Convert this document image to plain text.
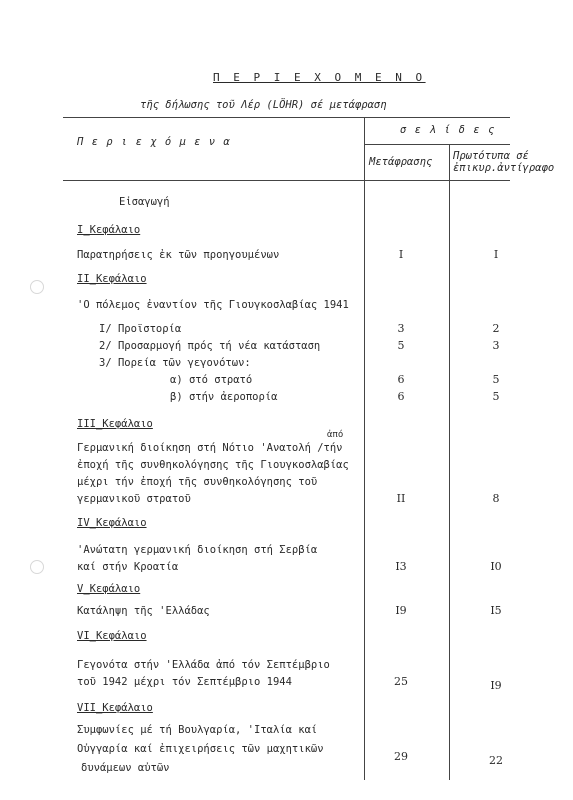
Π Ε Ρ Ι Ε Χ Ο Μ Ε Ν Ο
τῆς δήλωσης τοῦ Λέρ (LÖHR) σέ μετάφραση
Π ε ρ ι ε χ ό μ ε ν α
σ ε λ ί δ ε ς
Μετάφρασης Πρωτότυπα σέ
ἐπικυρ.ἀντίγραφο
Εἰσαγωγή
I_Κεφάλαιο
Παρατηρήσεις ἐκ τῶν προηγουμένων	I	I
II_Κεφάλαιο
'Ο πόλεμος ἐναντίον τῆς Γιουγκοσλαβίας 1941
I/ Προϊστορία	3	2
2/ Προσαρμογή πρός τή νέα κατάσταση	5	3
3/ Πορεία τῶν γεγονότων:
α) στό στρατό	6	5
β) στήν ἀεροπορία	6	5
III_Κεφάλαιο
ἀπό
Γερμανική διοίκηση στή Νότιο 'Ανατολή /τήν
ἐποχή τῆς συνθηκολόγησης τῆς Γιουγκοσλαβίας
μέχρι τήν ἐποχή τῆς συνθηκολόγησης τοῦ
γερμανικοῦ στρατοῦ	II	8
IV_Κεφάλαιο
'Ανώτατη γερμανική διοίκηση στή Σερβία
καί στήν Κροατία	I3	I0
V_Κεφάλαιο
Κατάληψη τῆς 'Ελλάδας	I9	I5
VI_Κεφάλαιο
Γεγονότα στήν 'Ελλάδα ἀπό τόν Σεπτέμβριο
τοῦ 1942 μέχρι τόν Σεπτέμβριο 1944	25	I9
VII_Κεφάλαιο
Συμφωνίες μέ τή Βουλγαρία, 'Ιταλία καί
Οὐγγαρία καί ἐπιχειρήσεις τῶν μαχητικῶν
δυνάμεων αὐτῶν
29	22
